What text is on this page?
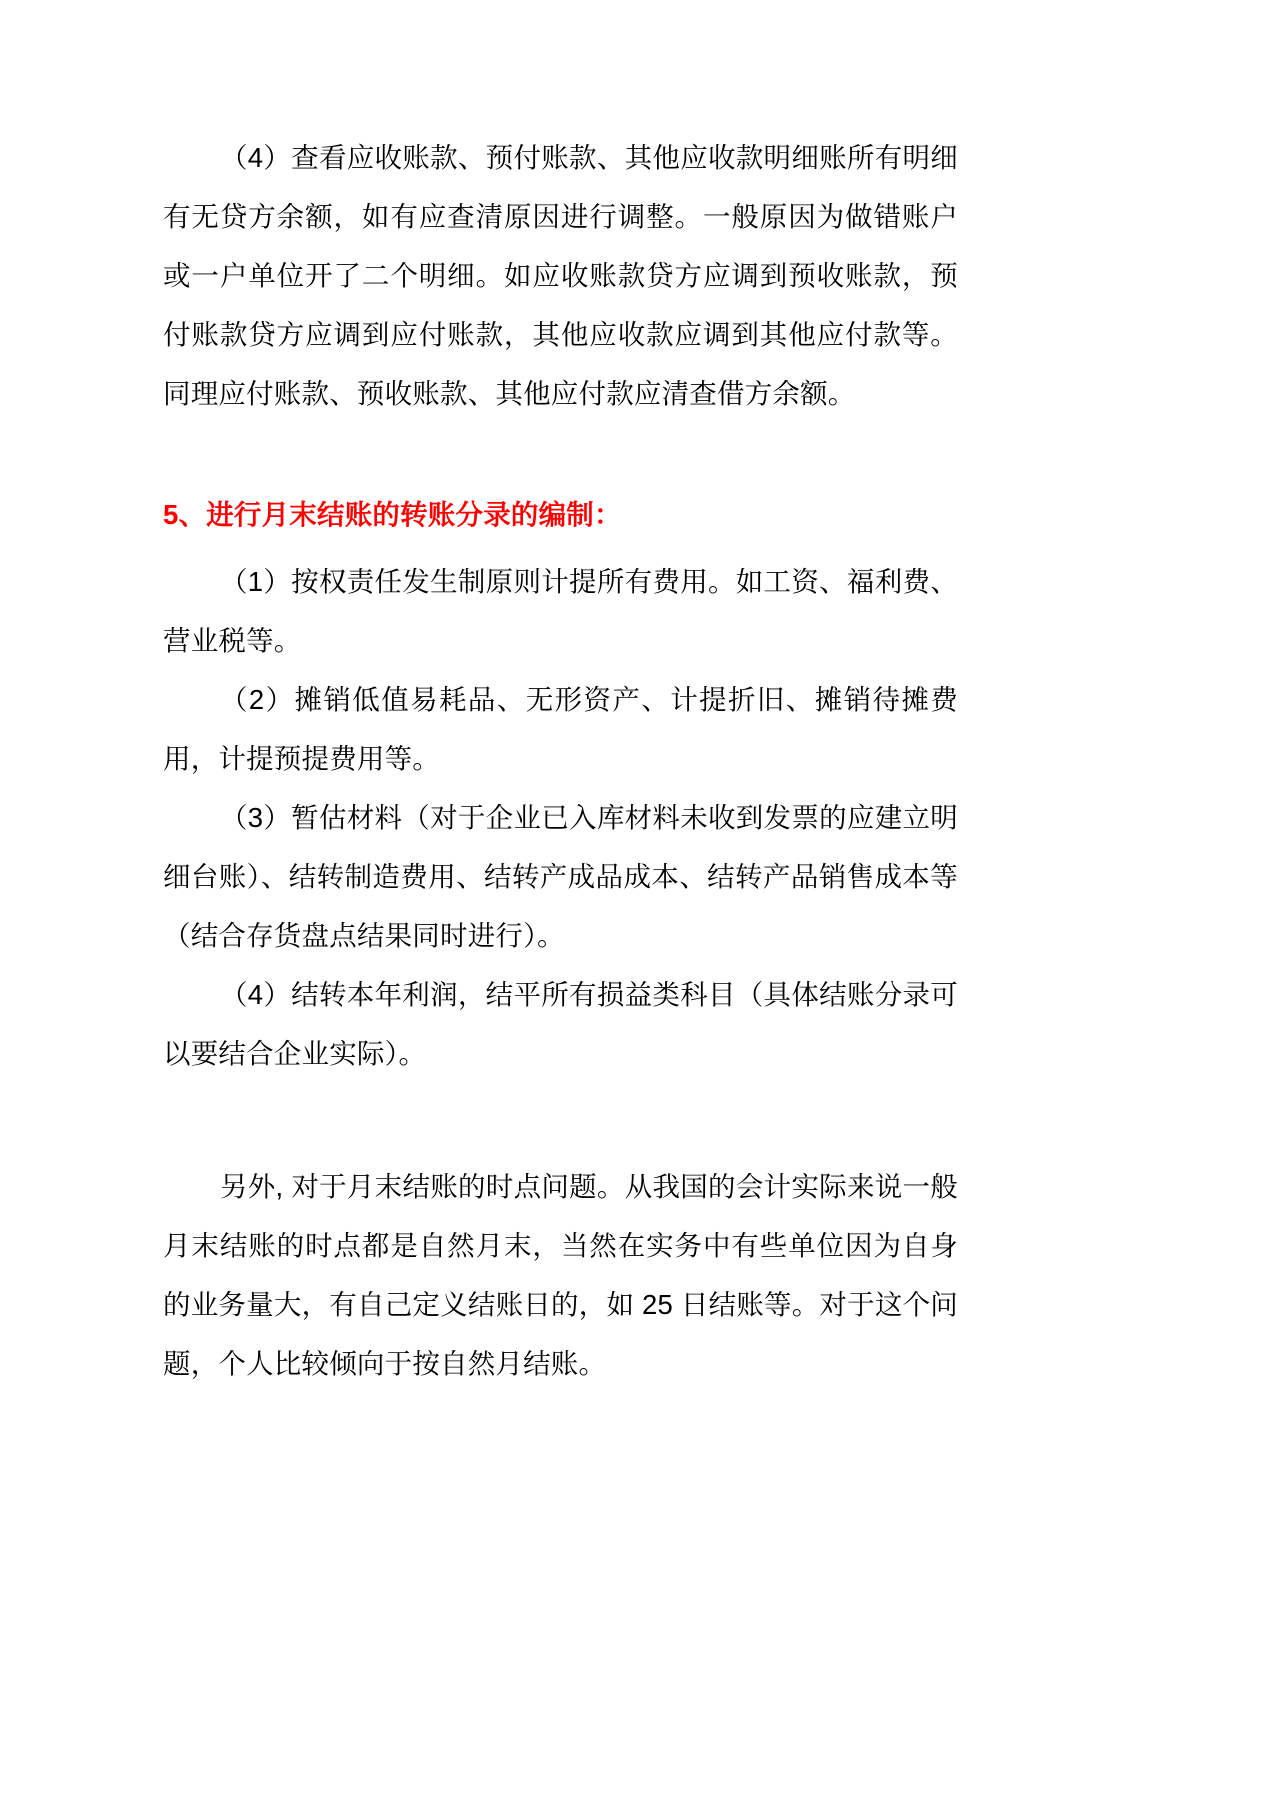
（4）查看应收账款、预付账款、其他应收款明细账所有明细有无贷方余额，如有应查清原因进行调整。一般原因为做错账户或一户单位开了二个明细。如应收账款贷方应调到预收账款，预付账款贷方应调到应付账款，其他应收款应调到其他应付款等。同理应付账款、预收账款、其他应付款应清查借方余额。

5、进行月末结账的转账分录的编制：

（1）按权责任发生制原则计提所有费用。如工资、福利费、营业税等。

（2）摊销低值易耗品、无形资产、计提折旧、摊销待摊费用，计提预提费用等。

（3）暂估材料（对于企业已入库材料未收到发票的应建立明细台账）、结转制造费用、结转产成品成本、结转产品销售成本等（结合存货盘点结果同时进行）。

（4）结转本年利润，结平所有损益类科目（具体结账分录可以要结合企业实际）。

另外, 对于月末结账的时点问题。从我国的会计实际来说一般月末结账的时点都是自然月末，当然在实务中有些单位因为自身的业务量大，有自己定义结账日的，如 25 日结账等。对于这个问题，个人比较倾向于按自然月结账。
